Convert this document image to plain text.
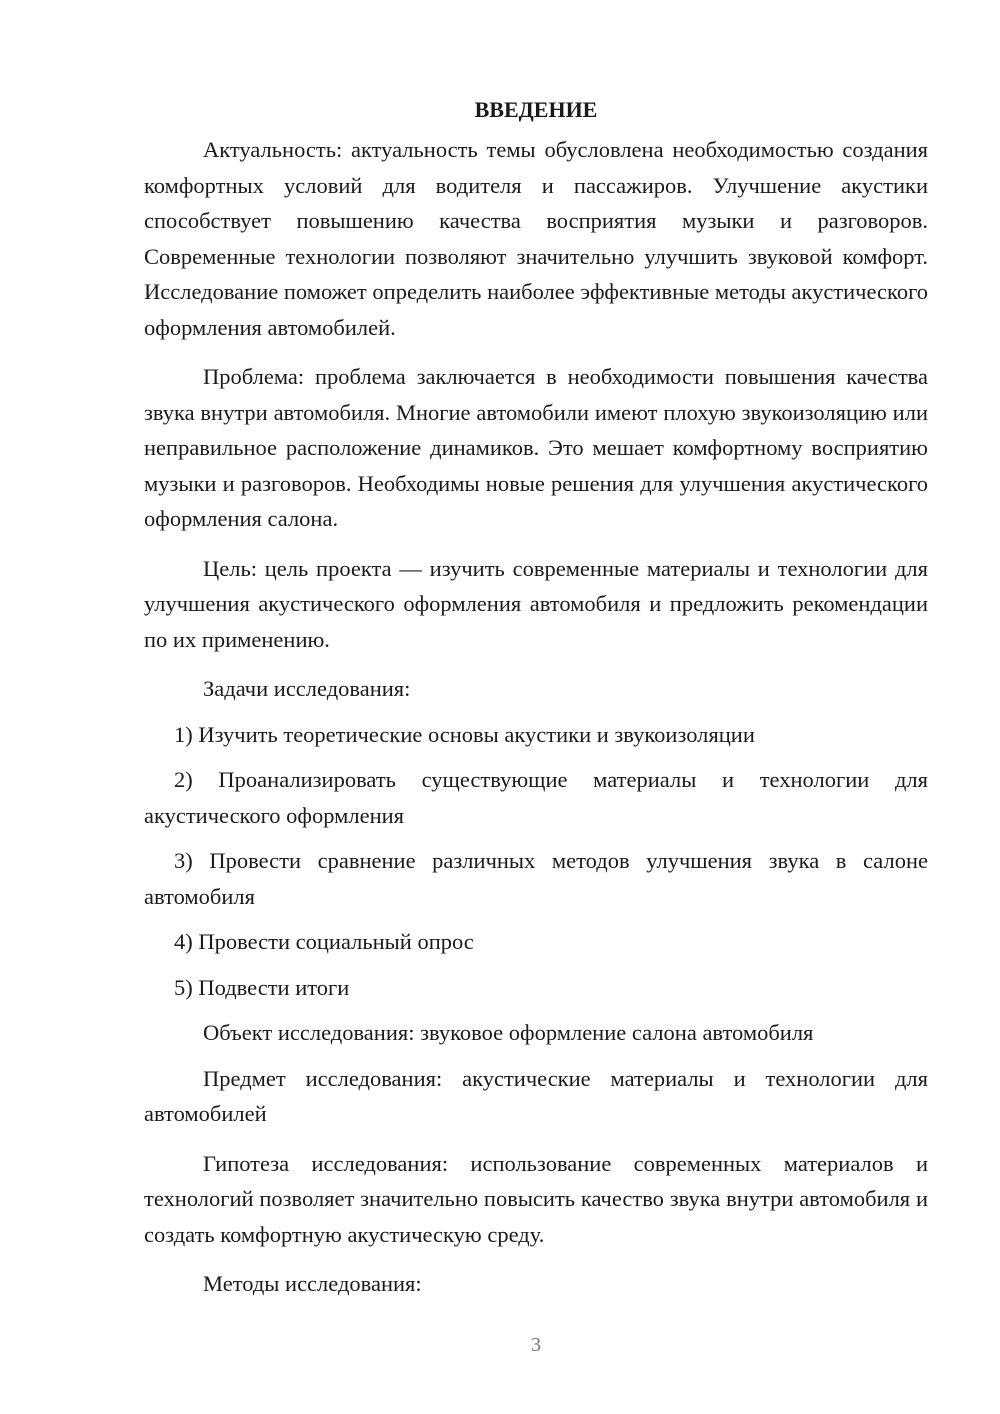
ВВЕДЕНИЕ

Актуальность: актуальность темы обусловлена необходимостью создания комфортных условий для водителя и пассажиров. Улучшение акустики способствует повышению качества восприятия музыки и разговоров. Современные технологии позволяют значительно улучшить звуковой комфорт. Исследование поможет определить наиболее эффективные методы акустического оформления автомобилей.

Проблема: проблема заключается в необходимости повышения качества звука внутри автомобиля. Многие автомобили имеют плохую звукоизоляцию или неправильное расположение динамиков. Это мешает комфортному восприятию музыки и разговоров. Необходимы новые решения для улучшения акустического оформления салона.

Цель: цель проекта — изучить современные материалы и технологии для улучшения акустического оформления автомобиля и предложить рекомендации по их применению.

Задачи исследования:

1) Изучить теоретические основы акустики и звукоизоляции

2) Проанализировать существующие материалы и технологии для акустического оформления

3) Провести сравнение различных методов улучшения звука в салоне автомобиля

4) Провести социальный опрос

5) Подвести итоги

Объект исследования: звуковое оформление салона автомобиля

Предмет исследования: акустические материалы и технологии для автомобилей

Гипотеза исследования: использование современных материалов и технологий позволяет значительно повысить качество звука внутри автомобиля и создать комфортную акустическую среду.

Методы исследования:

3
